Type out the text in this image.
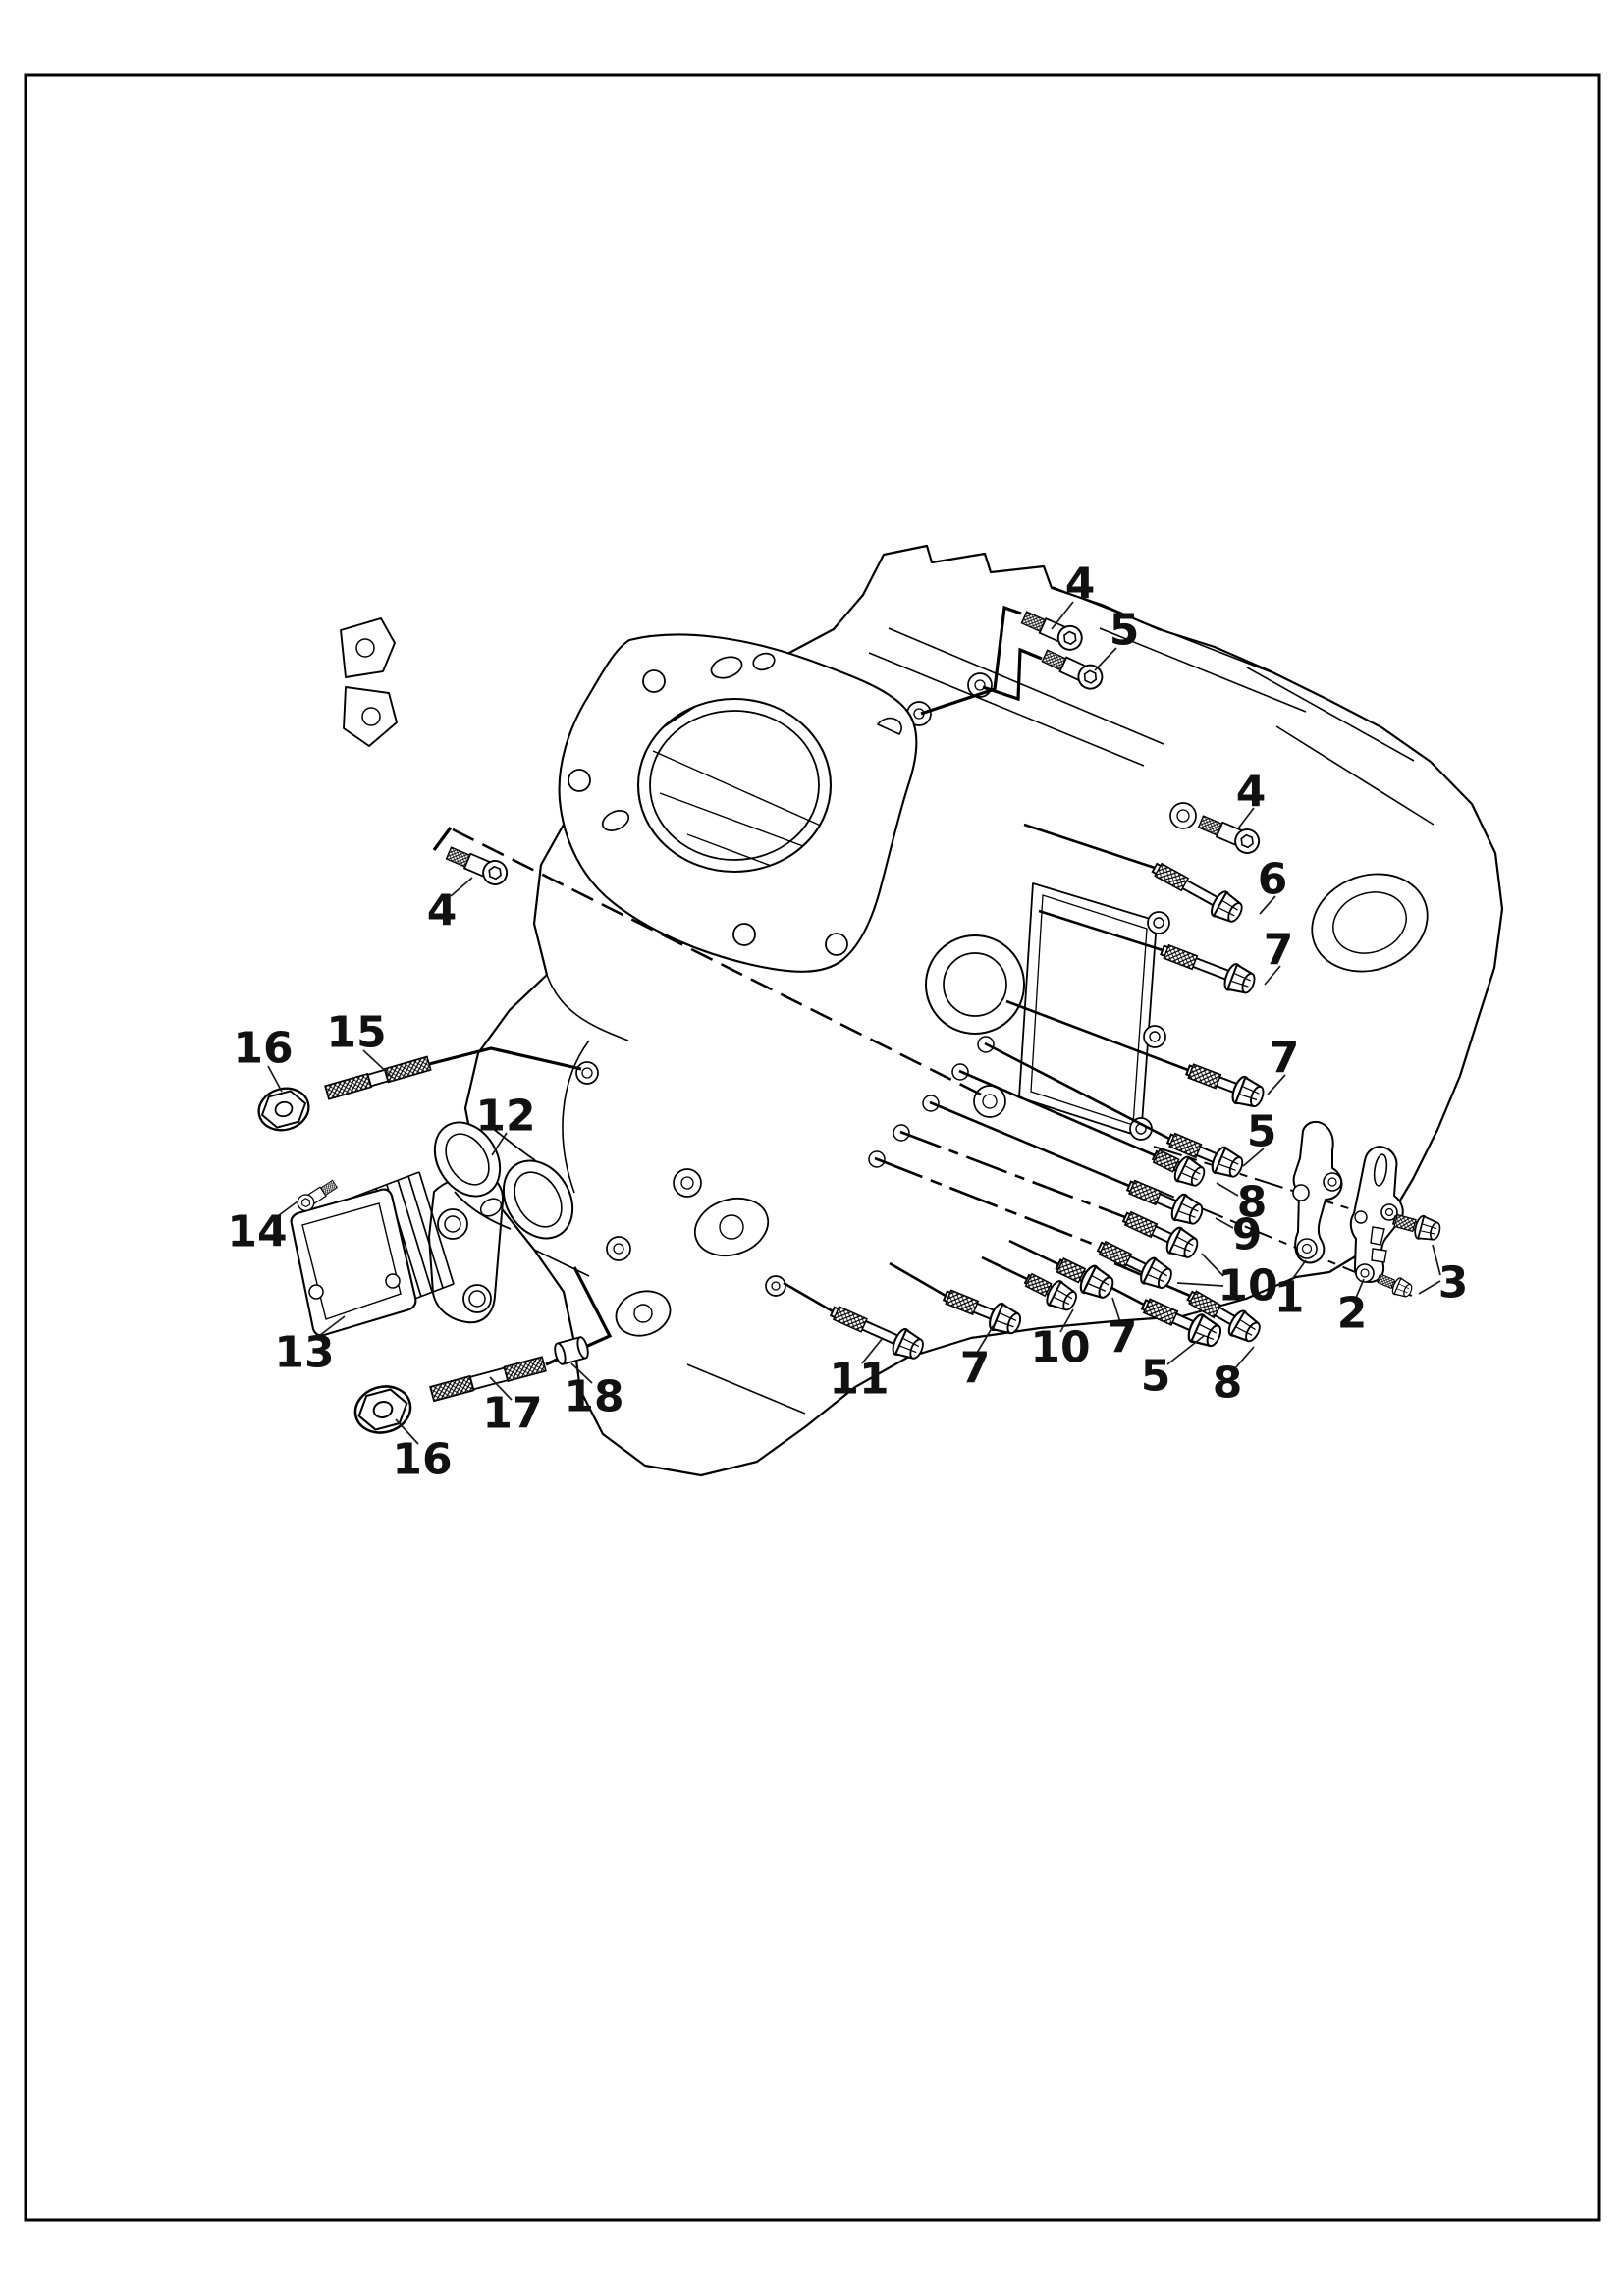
4
5
4
6
7
7
5
8
9
10
1 2
3
16 15
12
14
13
4
11 7 10 7
5 8
17 18
16
